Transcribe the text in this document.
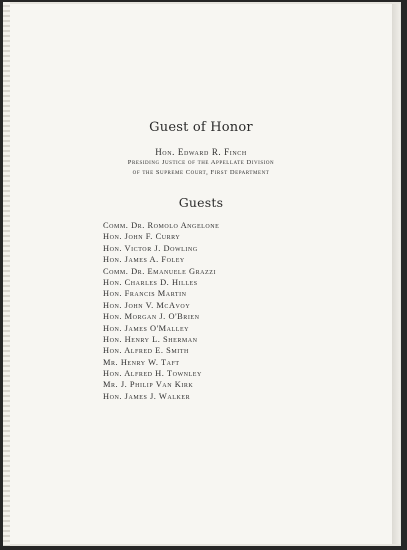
Guest of Honor
Hon. Edward R. Finch
Presiding Justice of the Appellate Division
of the Supreme Court, First Department
Guests
Comm. Dr. Romolo Angelone
Hon. John F. Curry
Hon. Victor J. Dowling
Hon. James A. Foley
Comm. Dr. Emanuele Grazzi
Hon. Charles D. Hilles
Hon. Francis Martin
Hon. John V. McAvoy
Hon. Morgan J. O'Brien
Hon. James O'Malley
Hon. Henry L. Sherman
Hon. Alfred E. Smith
Mr. Henry W. Taft
Hon. Alfred H. Townley
Mr. J. Philip Van Kirk
Hon. James J. Walker
